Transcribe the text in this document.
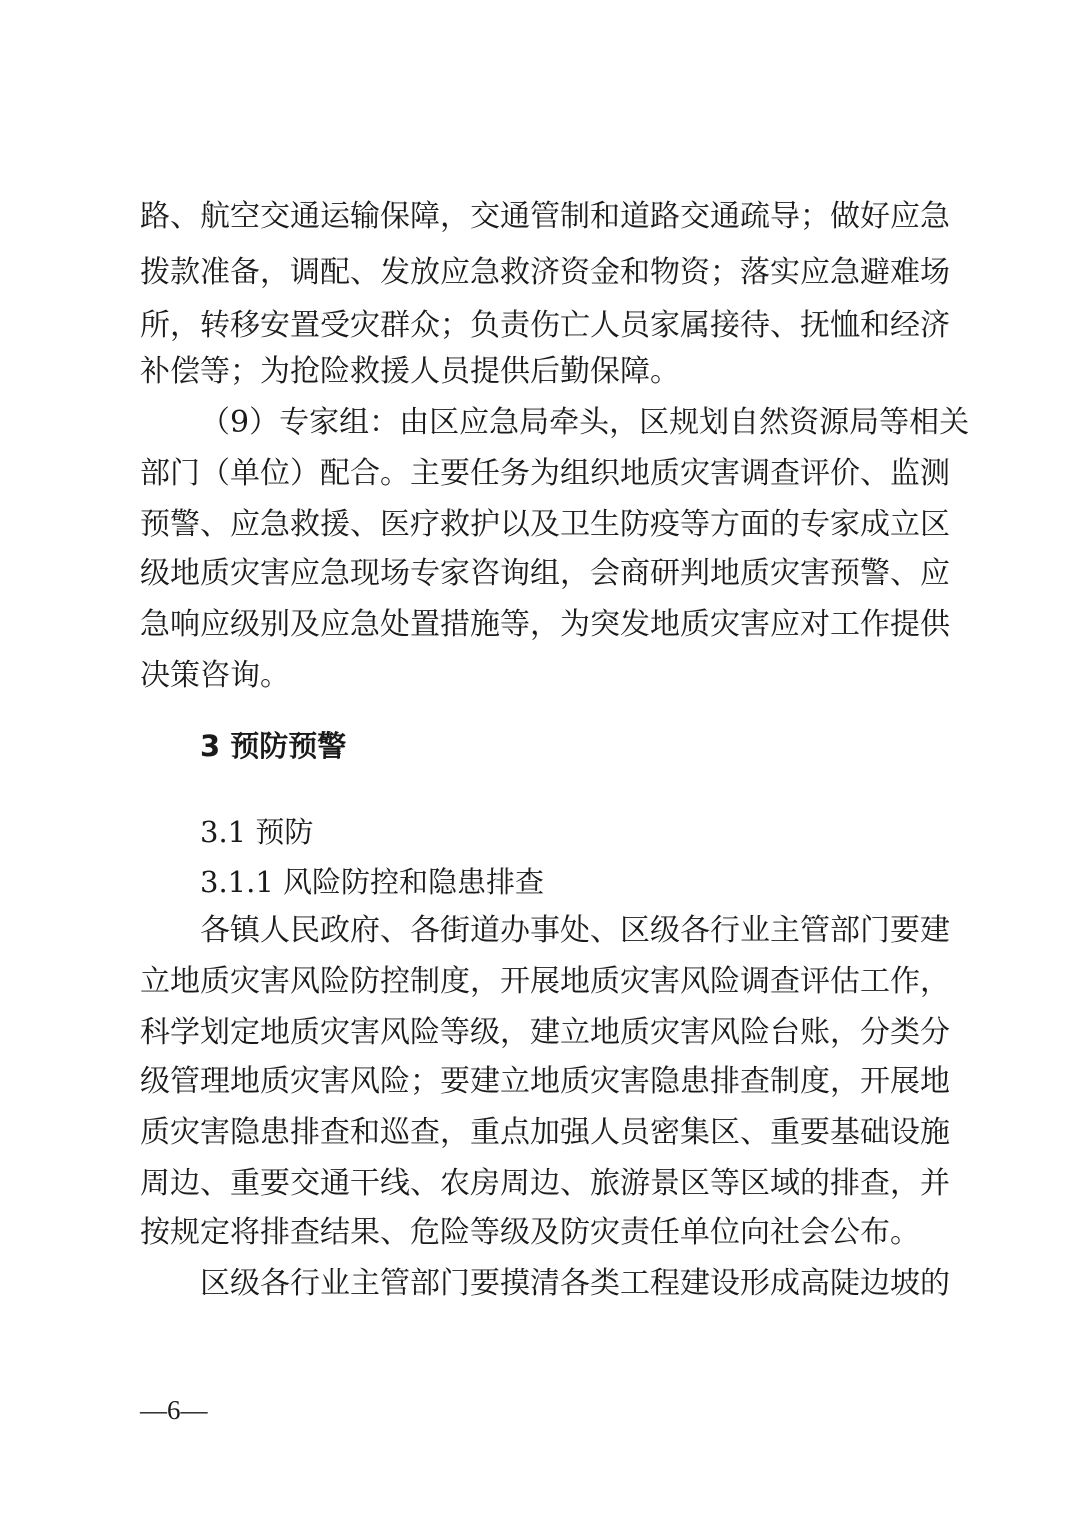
路、航空交通运输保障，交通管制和道路交通疏导；做好应急
拨款准备，调配、发放应急救济资金和物资；落实应急避难场
所，转移安置受灾群众；负责伤亡人员家属接待、抚恤和经济
补偿等；为抢险救援人员提供后勤保障。
（9）专家组：由区应急局牵头，区规划自然资源局等相关
部门（单位）配合。主要任务为组织地质灾害调查评价、监测
预警、应急救援、医疗救护以及卫生防疫等方面的专家成立区
级地质灾害应急现场专家咨询组，会商研判地质灾害预警、应
急响应级别及应急处置措施等，为突发地质灾害应对工作提供
决策咨询。
3 预防预警
3.1 预防
3.1.1 风险防控和隐患排查
各镇人民政府、各街道办事处、区级各行业主管部门要建
立地质灾害风险防控制度，开展地质灾害风险调查评估工作，
科学划定地质灾害风险等级，建立地质灾害风险台账，分类分
级管理地质灾害风险；要建立地质灾害隐患排查制度，开展地
质灾害隐患排查和巡查，重点加强人员密集区、重要基础设施
周边、重要交通干线、农房周边、旅游景区等区域的排查，并
按规定将排查结果、危险等级及防灾责任单位向社会公布。
区级各行业主管部门要摸清各类工程建设形成高陡边坡的
—6—
